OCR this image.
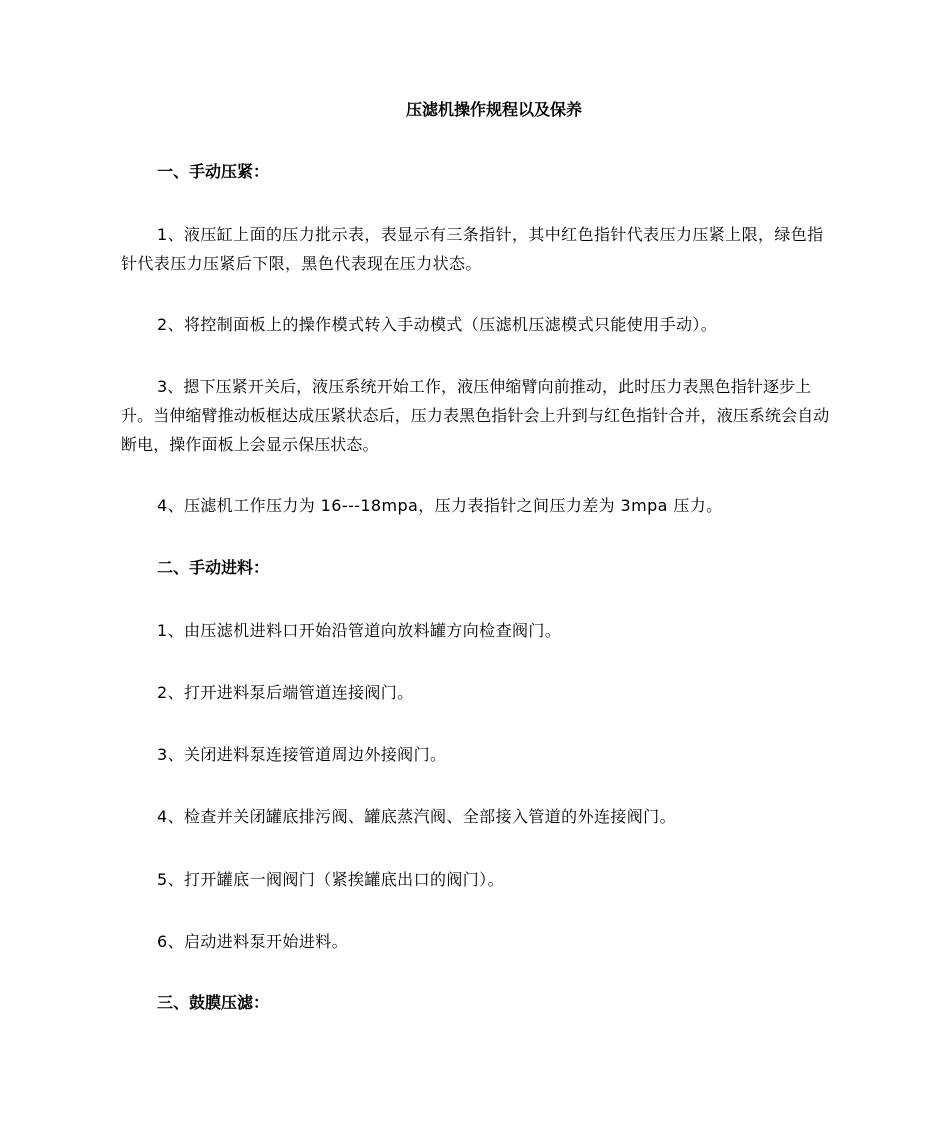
压滤机操作规程以及保养
一、手动压紧：

1、液压缸上面的压力批示表，表显示有三条指针，其中红色指针代表压力压紧上限，绿色指针代表压力压紧后下限，黑色代表现在压力状态。

2、将控制面板上的操作模式转入手动模式（压滤机压滤模式只能使用手动）。

3、摁下压紧开关后，液压系统开始工作，液压伸缩臂向前推动，此时压力表黑色指针逐步上升。当伸缩臂推动板框达成压紧状态后，压力表黑色指针会上升到与红色指针合并，液压系统会自动断电，操作面板上会显示保压状态。

4、压滤机工作压力为 16---18mpa，压力表指针之间压力差为 3mpa 压力。

二、手动进料：

1、由压滤机进料口开始沿管道向放料罐方向检查阀门。

2、打开进料泵后端管道连接阀门。

3、关闭进料泵连接管道周边外接阀门。

4、检查并关闭罐底排污阀、罐底蒸汽阀、全部接入管道的外连接阀门。

5、打开罐底一阀阀门（紧挨罐底出口的阀门）。

6、启动进料泵开始进料。

三、鼓膜压滤：
